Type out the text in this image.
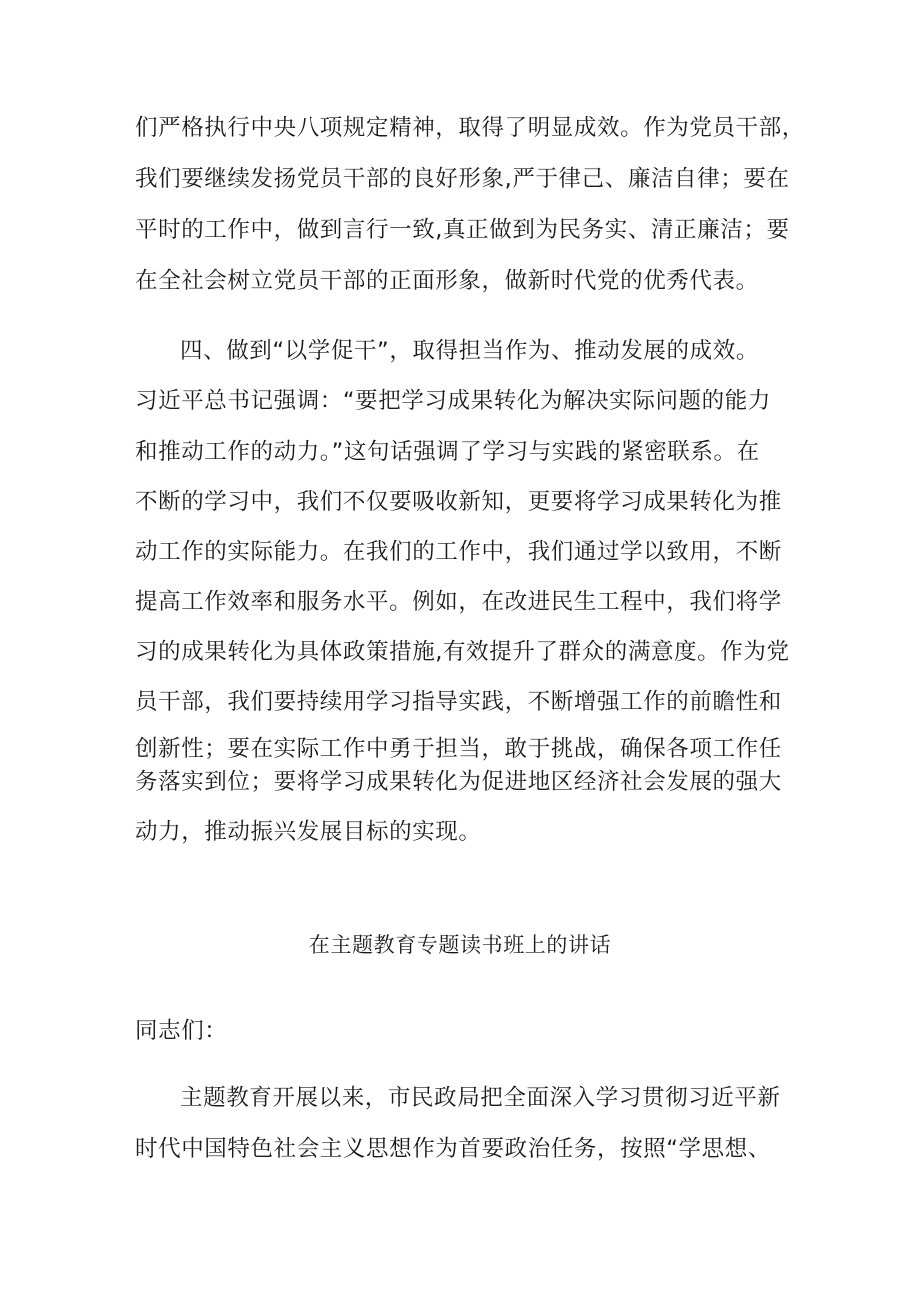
们严格执行中央八项规定精神，取得了明显成效。作为党员干部，
我们要继续发扬党员干部的良好形象,严于律己、廉洁自律；要在
平时的工作中，做到言行一致,真正做到为民务实、清正廉洁；要
在全社会树立党员干部的正面形象，做新时代党的优秀代表。
四、做到“以学促干”，取得担当作为、推动发展的成效。
习近平总书记强调：“要把学习成果转化为解决实际问题的能力
和推动工作的动力。”这句话强调了学习与实践的紧密联系。在
不断的学习中，我们不仅要吸收新知，更要将学习成果转化为推
动工作的实际能力。在我们的工作中，我们通过学以致用，不断
提高工作效率和服务水平。例如，在改进民生工程中，我们将学
习的成果转化为具体政策措施,有效提升了群众的满意度。作为党
员干部，我们要持续用学习指导实践，不断增强工作的前瞻性和
创新性；要在实际工作中勇于担当，敢于挑战，确保各项工作任
务落实到位；要将学习成果转化为促进地区经济社会发展的强大
动力，推动振兴发展目标的实现。
在主题教育专题读书班上的讲话
同志们：
主题教育开展以来，市民政局把全面深入学习贯彻习近平新
时代中国特色社会主义思想作为首要政治任务，按照“学思想、
